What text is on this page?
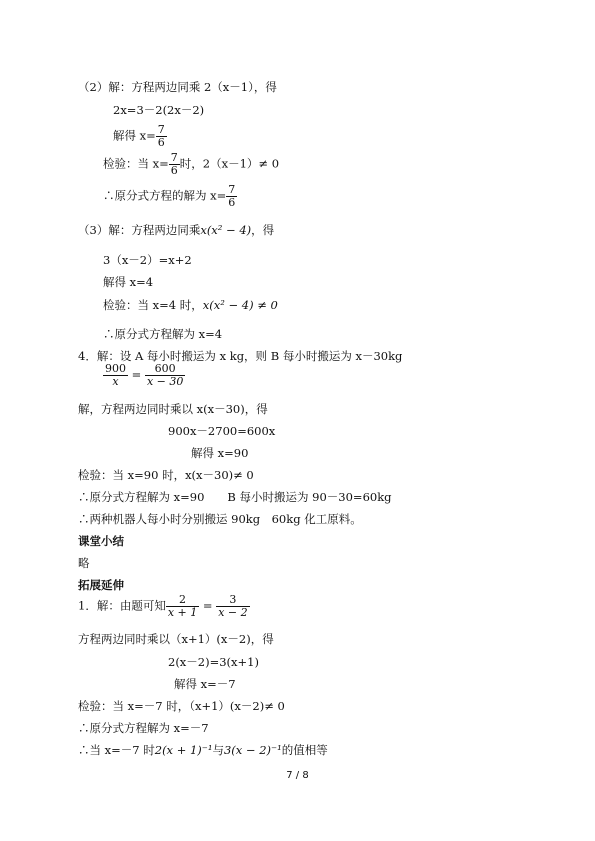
（2）解：方程两边同乘 2（x－1），得
2x=3－2(2x－2)
解得 $x= \frac{7}{6}$
检验：当 $x= \frac{7}{6}$ 时，2（x－1）≠ 0
∴原分式方程的解为 $x= \frac{7}{6}$
（3）解：方程两边同乘x(x² − 4)，得
3（x－2）=x+2
解得 x=4
检验：当 x=4 时，x(x² − 4) ≠ 0
∴原分式方程解为 x=4
4．解：设 A 每小时搬运为 x kg，则 B 每小时搬运为 x－30kg
$\frac{900}{x} = \frac{600}{x - 30}$
解，方程两边同时乘以 x(x－30)，得
900x－2700=600x
解得 x=90
检验：当 x=90 时，x(x－30)≠ 0
∴原分式方程解为 x=90　　B 每小时搬运为 90－30=60kg
∴两种机器人每小时分别搬运 90kg　60kg 化工原料。
课堂小结
略
拓展延伸
1．解：由题可知 $\frac{2}{x + 1} = \frac{3}{x - 2}$
方程两边同时乘以（x+1）(x－2)，得
2(x－2)=3(x+1)
解得 x=－7
检验：当 x=－7 时，（x+1）(x－2)≠ 0
∴原分式方程解为 x=－7
∴当 x=－7 时2(x + 1)⁻¹与3(x − 2)⁻¹的值相等
7 / 8
